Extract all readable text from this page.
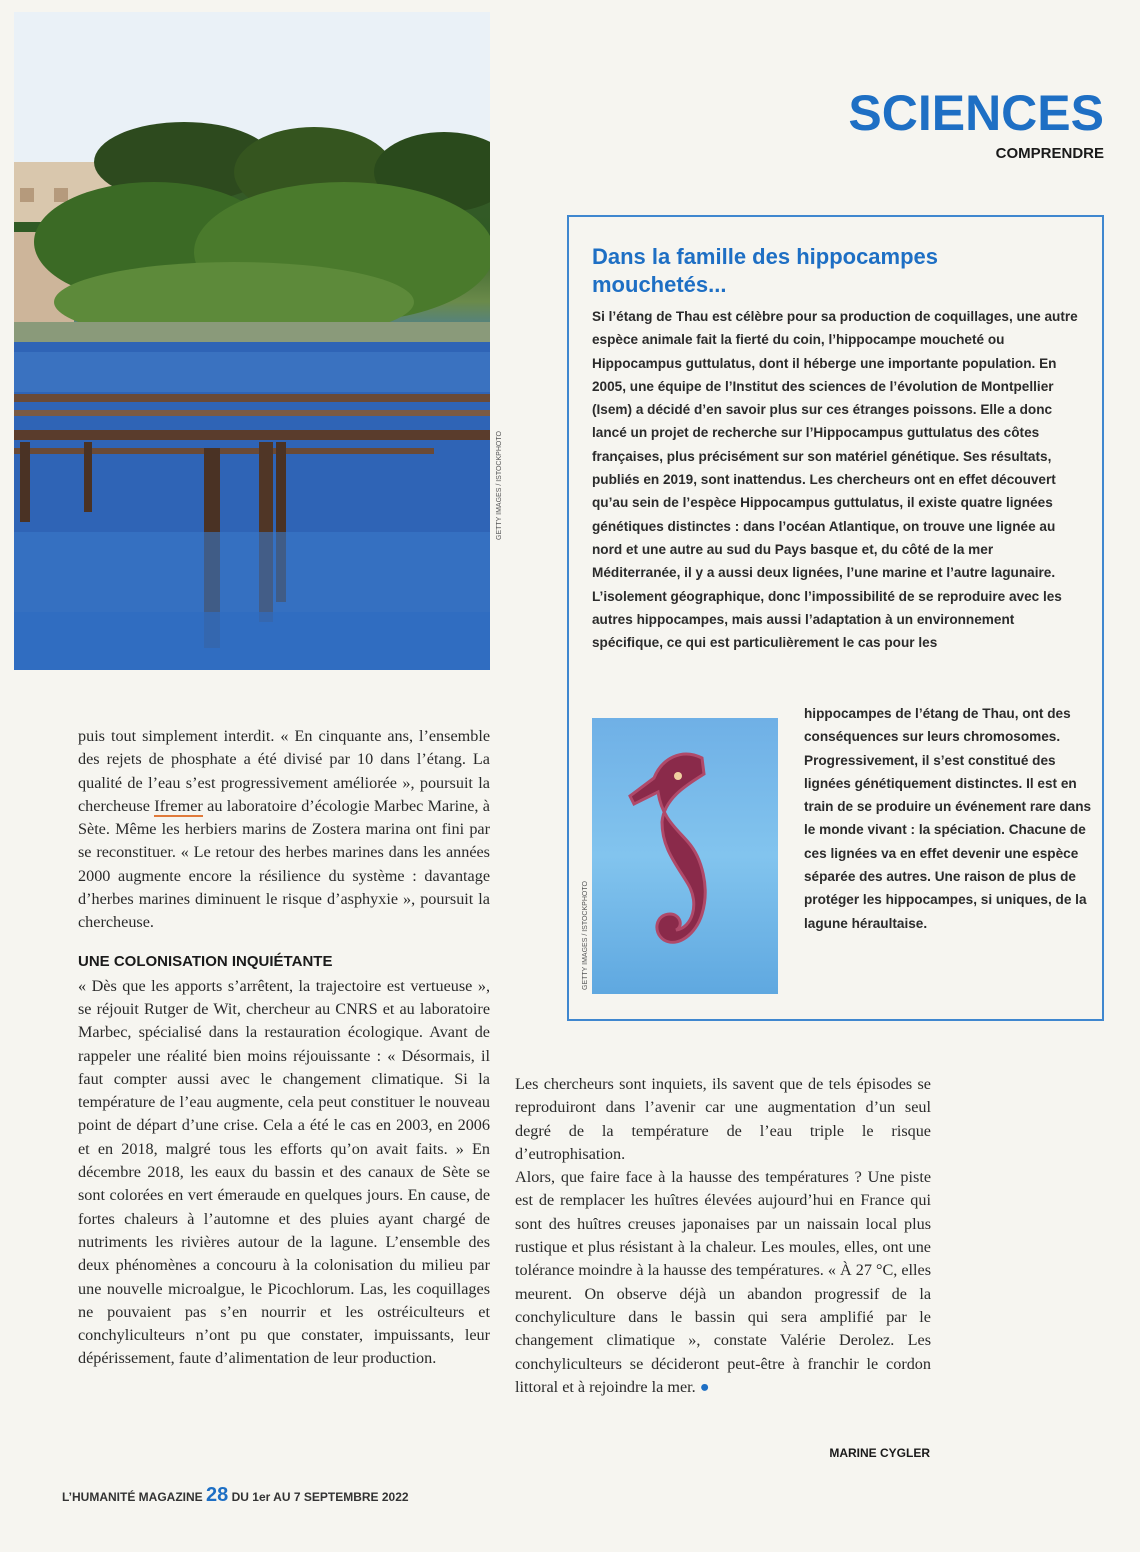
GETTY IMAGES / ISTOCKPHOTO
SCIENCES
COMPRENDRE
Dans la famille des hippocampes mouchetés...
Si l’étang de Thau est célèbre pour sa production de coquillages, une autre espèce animale fait la fierté du coin, l’hippocampe moucheté ou Hippocampus guttulatus, dont il héberge une importante population. En 2005, une équipe de l’Institut des sciences de l’évolution de Montpellier (Isem) a décidé d’en savoir plus sur ces étranges poissons. Elle a donc lancé un projet de recherche sur l’Hippocampus guttulatus des côtes françaises, plus précisément sur son matériel génétique. Ses résultats, publiés en 2019, sont inattendus. Les chercheurs ont en effet découvert qu’au sein de l’espèce Hippocampus guttulatus, il existe quatre lignées génétiques distinctes : dans l’océan Atlantique, on trouve une lignée au nord et une autre au sud du Pays basque et, du côté de la mer Méditerranée, il y a aussi deux lignées, l’une marine et l’autre lagunaire. L’isolement géographique, donc l’impossibilité de se reproduire avec les autres hippocampes, mais aussi l’adaptation à un environnement spécifique, ce qui est particulièrement le cas pour les
GETTY IMAGES / ISTOCKPHOTO
hippocampes de l’étang de Thau, ont des conséquences sur leurs chromosomes. Progressivement, il s’est constitué des lignées génétiquement distinctes. Il est en train de se produire un événement rare dans le monde vivant : la spéciation. Chacune de ces lignées va en effet devenir une espèce séparée des autres. Une raison de plus de protéger les hippocampes, si uniques, de la lagune héraultaise.

puis tout simplement interdit. « En cinquante ans, l’ensemble des rejets de phosphate a été divisé par 10 dans l’étang. La qualité de l’eau s’est progressivement améliorée », poursuit la chercheuse Ifremer au laboratoire d’écologie Marbec Marine, à Sète. Même les herbiers marins de Zostera marina ont fini par se reconstituer. « Le retour des herbes marines dans les années 2000 augmente encore la résilience du système : davantage d’herbes marines diminuent le risque d’asphyxie », poursuit la chercheuse.

UNE COLONISATION INQUIÉTANTE

« Dès que les apports s’arrêtent, la trajectoire est vertueuse », se réjouit Rutger de Wit, chercheur au CNRS et au laboratoire Marbec, spécialisé dans la restauration écologique. Avant de rappeler une réalité bien moins réjouissante : « Désormais, il faut compter aussi avec le changement climatique. Si la température de l’eau augmente, cela peut constituer le nouveau point de départ d’une crise. Cela a été le cas en 2003, en 2006 et en 2018, malgré tous les efforts qu’on avait faits. » En décembre 2018, les eaux du bassin et des canaux de Sète se sont colorées en vert émeraude en quelques jours. En cause, de fortes chaleurs à l’automne et des pluies ayant chargé de nutriments les rivières autour de la lagune. L’ensemble des deux phénomènes a concouru à la colonisation du milieu par une nouvelle microalgue, le Picochlorum. Las, les coquillages ne pouvaient pas s’en nourrir et les ostréiculteurs et conchyliculteurs n’ont pu que constater, impuissants, leur dépérissement, faute d’alimentation de leur production.

Les chercheurs sont inquiets, ils savent que de tels épisodes se reproduiront dans l’avenir car une augmentation d’un seul degré de la température de l’eau triple le risque d’eutrophisation.

Alors, que faire face à la hausse des températures ? Une piste est de remplacer les huîtres élevées aujourd’hui en France qui sont des huîtres creuses japonaises par un naissain local plus rustique et plus résistant à la chaleur. Les moules, elles, ont une tolérance moindre à la hausse des températures. « À 27 °C, elles meurent. On observe déjà un abandon progressif de la conchyliculture dans le bassin qui sera amplifié par le changement climatique », constate Valérie Derolez. Les conchyliculteurs se décideront peut-être à franchir le cordon littoral et à rejoindre la mer. ●

MARINE CYGLER
L’HUMANITÉ MAGAZINE 28 DU 1er AU 7 SEPTEMBRE 2022
